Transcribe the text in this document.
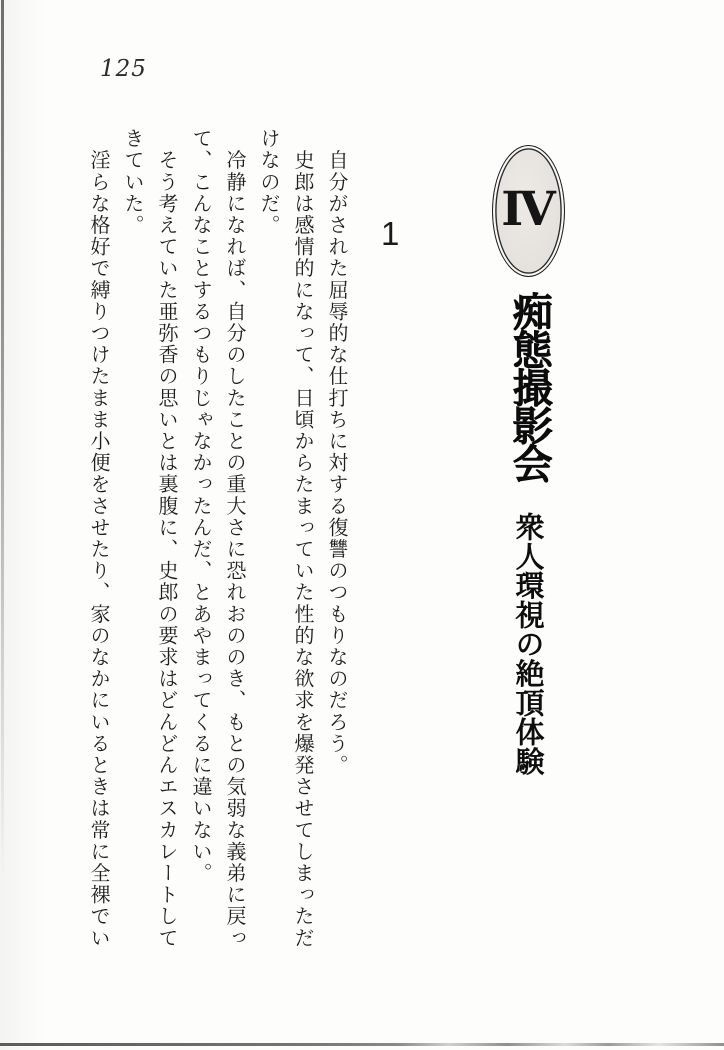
125
IV
痴態撮影会
衆人環視の絶頂体験
1

　自分がされた屈辱的な仕打ちに対する復讐のつもりなのだろう。

　史郎は感情的になって、日頃からたまっていた性的な欲求を爆発させてしまっただ

けなのだ。

　冷静になれば、自分のしたことの重大さに恐れおののき、もとの気弱な義弟に戻っ

て、こんなことするつもりじゃなかったんだ、とあやまってくるに違いない。

　そう考えていた亜弥香の思いとは裏腹に、史郎の要求はどんどんエスカレートして

きていた。

　淫らな格好で縛りつけたまま小便をさせたり、家のなかにいるときは常に全裸でい
